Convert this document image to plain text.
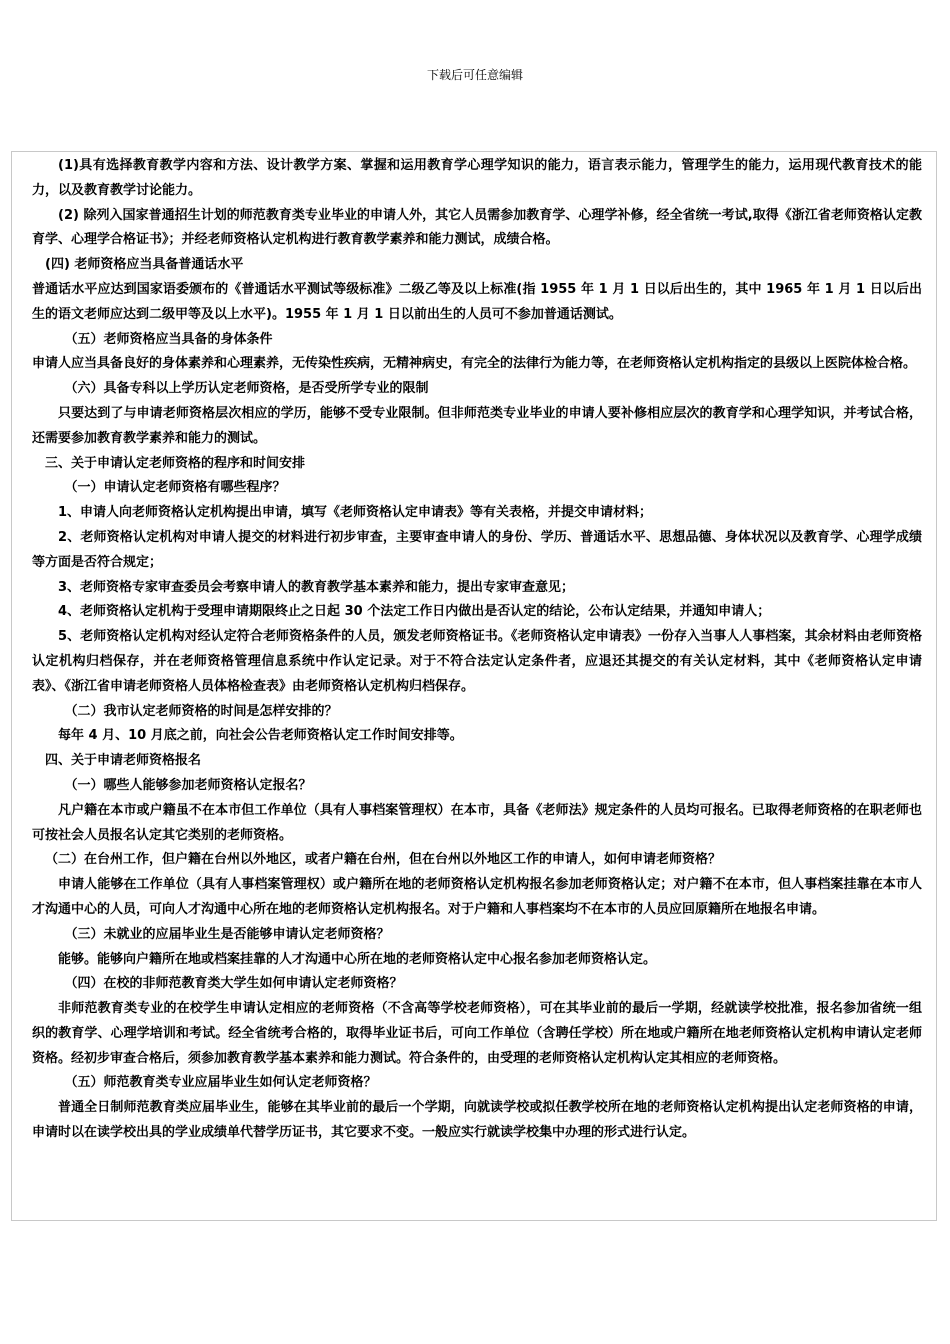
下载后可任意编辑

(1)具有选择教育教学内容和方法、设计教学方案、掌握和运用教育学心理学知识的能力，语言表示能力，管理学生的能力，运用现代教育技术的能力，以及教育教学讨论能力。

(2) 除列入国家普通招生计划的师范教育类专业毕业的申请人外，其它人员需参加教育学、心理学补修，经全省统一考试,取得《浙江省老师资格认定教育学、心理学合格证书》；并经老师资格认定机构进行教育教学素养和能力测试，成绩合格。

(四) 老师资格应当具备普通话水平

普通话水平应达到国家语委颁布的《普通话水平测试等级标准》二级乙等及以上标准(指 1955 年 1 月 1 日以后出生的，其中 1965 年 1 月 1 日以后出生的语文老师应达到二级甲等及以上水平)。1955 年 1 月 1 日以前出生的人员可不参加普通话测试。

（五）老师资格应当具备的身体条件

申请人应当具备良好的身体素养和心理素养，无传染性疾病，无精神病史，有完全的法律行为能力等，在老师资格认定机构指定的县级以上医院体检合格。

（六）具备专科以上学历认定老师资格，是否受所学专业的限制

只要达到了与申请老师资格层次相应的学历，能够不受专业限制。但非师范类专业毕业的申请人要补修相应层次的教育学和心理学知识，并考试合格，还需要参加教育教学素养和能力的测试。

三、关于申请认定老师资格的程序和时间安排

（一）申请认定老师资格有哪些程序？

1、申请人向老师资格认定机构提出申请，填写《老师资格认定申请表》等有关表格，并提交申请材料；

2、老师资格认定机构对申请人提交的材料进行初步审查，主要审查申请人的身份、学历、普通话水平、思想品德、身体状况以及教育学、心理学成绩等方面是否符合规定；

3、老师资格专家审查委员会考察申请人的教育教学基本素养和能力，提出专家审查意见；

4、老师资格认定机构于受理申请期限终止之日起 30 个法定工作日内做出是否认定的结论，公布认定结果，并通知申请人；

5、老师资格认定机构对经认定符合老师资格条件的人员，颁发老师资格证书。《老师资格认定申请表》一份存入当事人人事档案，其余材料由老师资格认定机构归档保存，并在老师资格管理信息系统中作认定记录。对于不符合法定认定条件者，应退还其提交的有关认定材料，其中《老师资格认定申请表》、《浙江省申请老师资格人员体格检查表》由老师资格认定机构归档保存。

（二）我市认定老师资格的时间是怎样安排的？

每年 4 月、10 月底之前，向社会公告老师资格认定工作时间安排等。

四、关于申请老师资格报名

（一）哪些人能够参加老师资格认定报名？

凡户籍在本市或户籍虽不在本市但工作单位（具有人事档案管理权）在本市，具备《老师法》规定条件的人员均可报名。已取得老师资格的在职老师也可按社会人员报名认定其它类别的老师资格。

（二）在台州工作，但户籍在台州以外地区，或者户籍在台州，但在台州以外地区工作的申请人，如何申请老师资格？

申请人能够在工作单位（具有人事档案管理权）或户籍所在地的老师资格认定机构报名参加老师资格认定；对户籍不在本市，但人事档案挂靠在本市人才沟通中心的人员，可向人才沟通中心所在地的老师资格认定机构报名。对于户籍和人事档案均不在本市的人员应回原籍所在地报名申请。

（三）未就业的应届毕业生是否能够申请认定老师资格？

能够。能够向户籍所在地或档案挂靠的人才沟通中心所在地的老师资格认定中心报名参加老师资格认定。

（四）在校的非师范教育类大学生如何申请认定老师资格？

非师范教育类专业的在校学生申请认定相应的老师资格（不含高等学校老师资格），可在其毕业前的最后一学期，经就读学校批准，报名参加省统一组织的教育学、心理学培训和考试。经全省统考合格的，取得毕业证书后，可向工作单位（含聘任学校）所在地或户籍所在地老师资格认定机构申请认定老师资格。经初步审查合格后，须参加教育教学基本素养和能力测试。符合条件的，由受理的老师资格认定机构认定其相应的老师资格。

（五）师范教育类专业应届毕业生如何认定老师资格？

普通全日制师范教育类应届毕业生，能够在其毕业前的最后一个学期，向就读学校或拟任教学校所在地的老师资格认定机构提出认定老师资格的申请，申请时以在读学校出具的学业成绩单代替学历证书，其它要求不变。一般应实行就读学校集中办理的形式进行认定。
